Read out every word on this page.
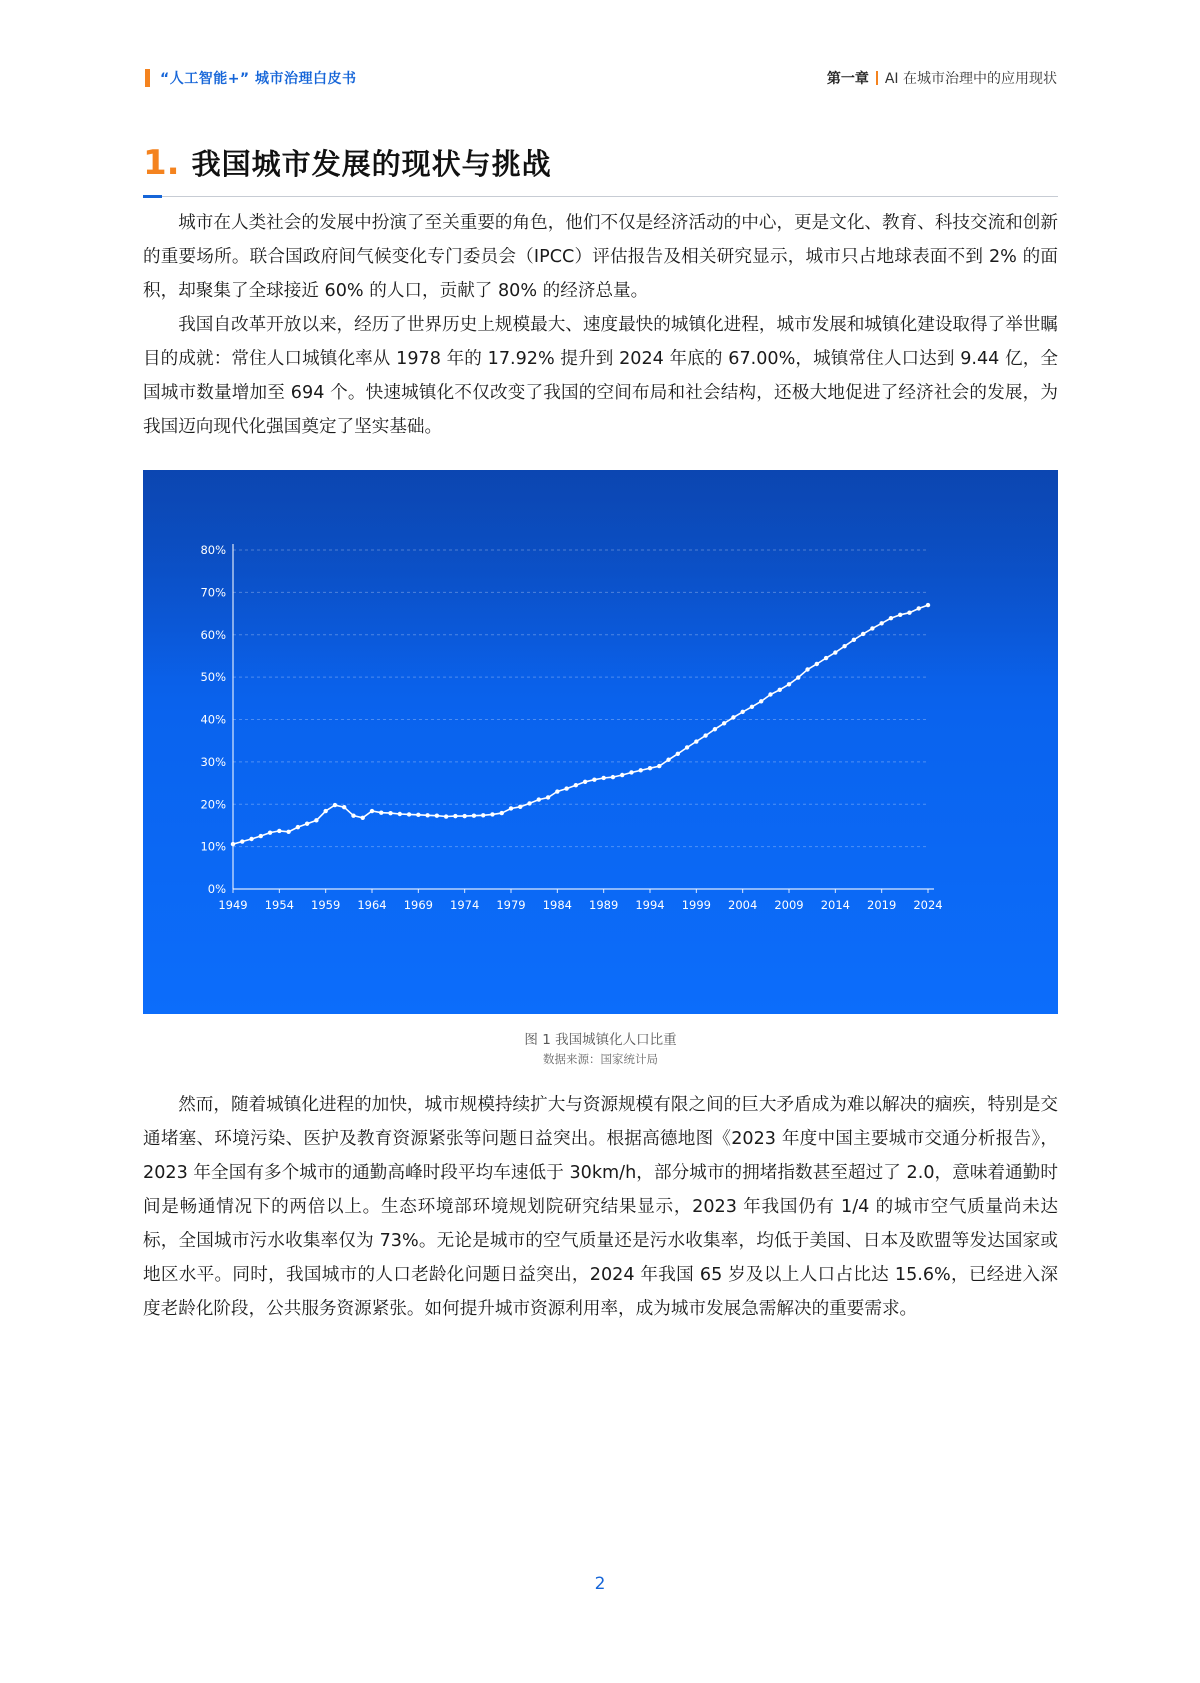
“人工智能+” 城市治理白皮书	第一章 AI 在城市治理中的应用现状
1. 我国城市发展的现状与挑战

城市在人类社会的发展中扮演了至关重要的角色，他们不仅是经济活动的中心，更是文化、教育、科技交流和创新的重要场所。联合国政府间气候变化专门委员会（IPCC）评估报告及相关研究显示，城市只占地球表面不到 2% 的面积，却聚集了全球接近 60% 的人口，贡献了 80% 的经济总量。

我国自改革开放以来，经历了世界历史上规模最大、速度最快的城镇化进程，城市发展和城镇化建设取得了举世瞩目的成就：常住人口城镇化率从 1978 年的 17.92% 提升到 2024 年底的 67.00%，城镇常住人口达到 9.44 亿，全国城市数量增加至 694 个。快速城镇化不仅改变了我国的空间布局和社会结构，还极大地促进了经济社会的发展，为我国迈向现代化强国奠定了坚实基础。

0%
10%
20%
30%
40%
50%
60%
70%
80%
1949 1954 1959 1964 1969 1974 1979 1984 1989 1994 1999 2004 2009 2014 2019 2024
图 1 我国城镇化人口比重
数据来源：国家统计局

然而，随着城镇化进程的加快，城市规模持续扩大与资源规模有限之间的巨大矛盾成为难以解决的痼疾，特别是交通堵塞、环境污染、医护及教育资源紧张等问题日益突出。根据高德地图《2023 年度中国主要城市交通分析报告》，2023 年全国有多个城市的通勤高峰时段平均车速低于 30km/h，部分城市的拥堵指数甚至超过了 2.0，意味着通勤时间是畅通情况下的两倍以上。生态环境部环境规划院研究结果显示，2023 年我国仍有 1/4 的城市空气质量尚未达标，全国城市污水收集率仅为 73%。无论是城市的空气质量还是污水收集率，均低于美国、日本及欧盟等发达国家或地区水平。同时，我国城市的人口老龄化问题日益突出，2024 年我国 65 岁及以上人口占比达 15.6%，已经进入深度老龄化阶段，公共服务资源紧张。如何提升城市资源利用率，成为城市发展急需解决的重要需求。

2
